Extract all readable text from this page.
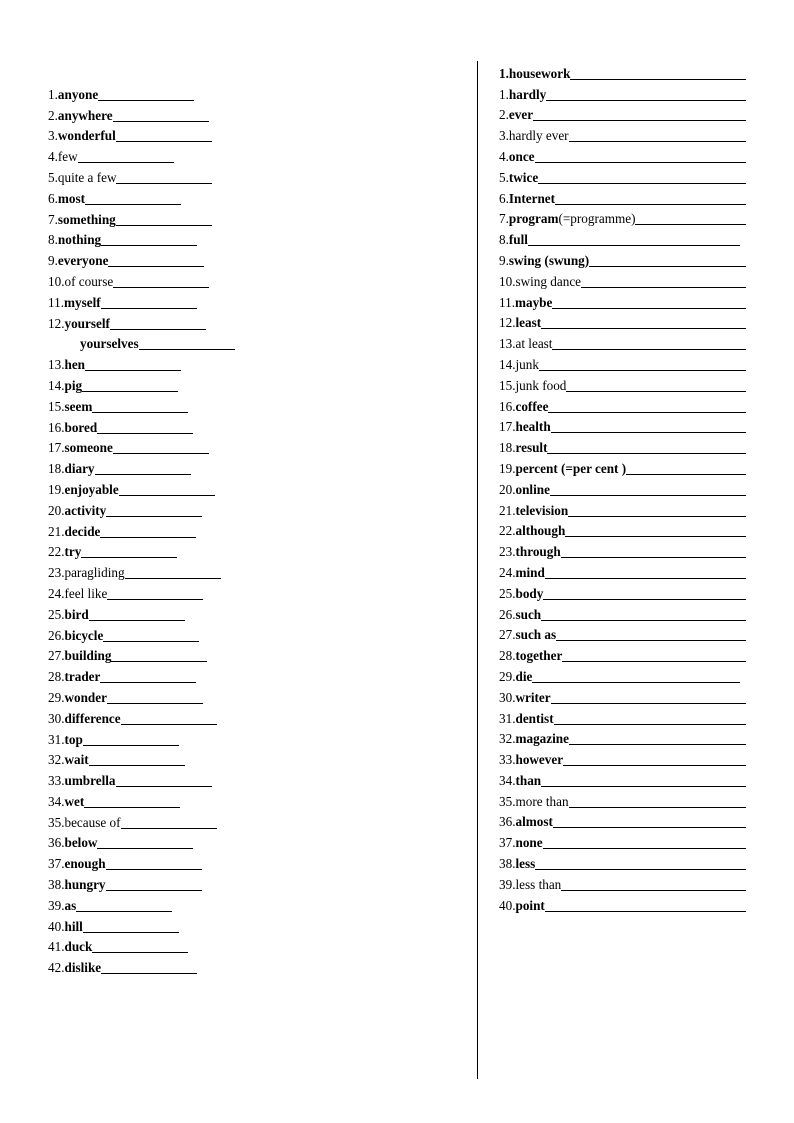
1. anyone
2. anywhere
3. wonderful
4. few
5. quite a few
6. most
7. something
8. nothing
9. everyone
10. of course
11. myself
12. yourself
yourselves
13. hen
14. pig
15. seem
16. bored
17. someone
18. diary
19. enjoyable
20. activity
21. decide
22. try
23. paragliding
24. feel like
25. bird
26. bicycle
27. building
28. trader
29. wonder
30. difference
31. top
32. wait
33. umbrella
34. wet
35. because of
36. below
37. enough
38. hungry
39. as
40. hill
41. duck
42. dislike
1.housework
1. hardly
2. ever
3. hardly ever
4. once
5. twice
6. Internet
7. program (=programme)
8. full
9. swing (swung)
10. swing dance
11. maybe
12. least
13. at least
14. junk
15. junk food
16. coffee
17. health
18. result
19. percent (=per cent )
20. online
21. television
22. although
23. through
24. mind
25. body
26. such
27. such as
28. together
29. die
30. writer
31. dentist
32. magazine
33. however
34. than
35. more than
36. almost
37. none
38. less
39. less than
40. point
